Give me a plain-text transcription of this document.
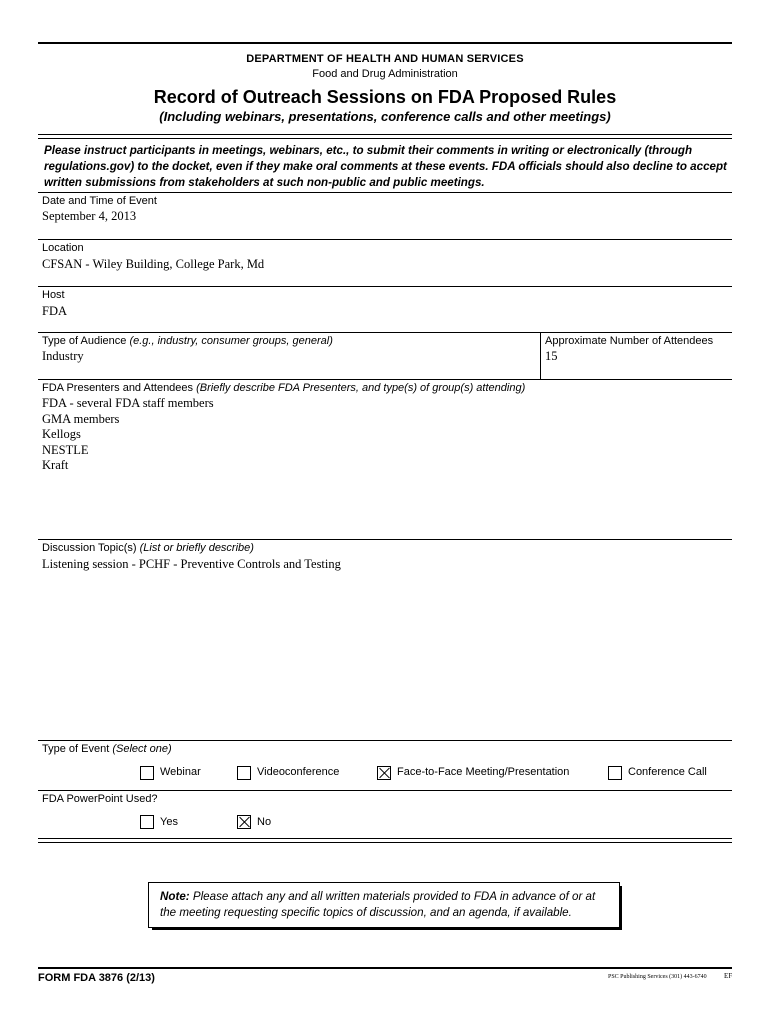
DEPARTMENT OF HEALTH AND HUMAN SERVICES
Food and Drug Administration
Record of Outreach Sessions on FDA Proposed Rules
(Including webinars, presentations, conference calls and other meetings)
Please instruct participants in meetings, webinars, etc., to submit their comments in writing or electronically (through regulations.gov) to the docket, even if they make oral comments at these events. FDA officials should also decline to accept written submissions from stakeholders at such non-public and public meetings.
Date and Time of Event
September 4, 2013
Location
CFSAN - Wiley Building, College Park, Md
Host
FDA
Type of Audience (e.g., industry, consumer groups, general)
Industry
Approximate Number of Attendees
15
FDA Presenters and Attendees (Briefly describe FDA Presenters, and type(s) of group(s) attending)
FDA - several FDA staff members
GMA members
Kellogs
NESTLE
Kraft
Discussion Topic(s) (List or briefly describe)
Listening session - PCHF - Preventive Controls and Testing
Type of Event (Select one)
Webinar	Videoconference	Face-to-Face Meeting/Presentation	Conference Call
FDA PowerPoint Used?
Yes	No
Note: Please attach any and all written materials provided to FDA in advance of or at the meeting requesting specific topics of discussion, and an agenda, if available.
FORM FDA 3876 (2/13)	PSC Publishing Services (301) 443-6740 EF
